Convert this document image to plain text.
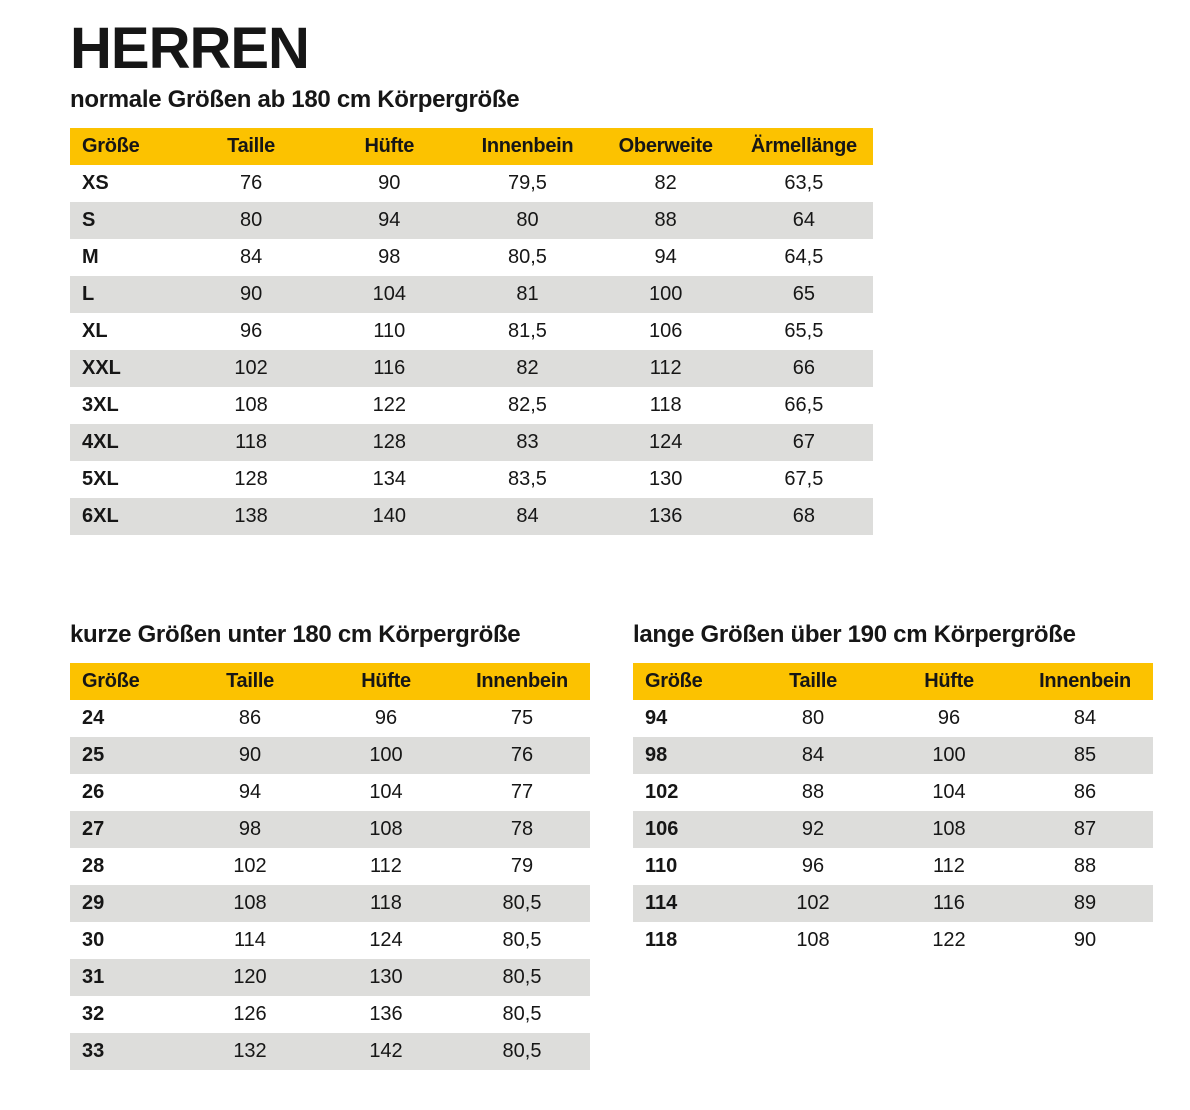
HERREN

normale Größen ab 180 cm Körpergröße

Größe	Taille	Hüfte	Innenbein	Oberweite	Ärmellänge
XS	76	90	79,5	82	63,5
S	80	94	80	88	64
M	84	98	80,5	94	64,5
L	90	104	81	100	65
XL	96	110	81,5	106	65,5
XXL	102	116	82	112	66
3XL	108	122	82,5	118	66,5
4XL	118	128	83	124	67
5XL	128	134	83,5	130	67,5
6XL	138	140	84	136	68
kurze Größen unter 180 cm Körpergröße
Größe	Taille	Hüfte	Innenbein
24	86	96	75
25	90	100	76
26	94	104	77
27	98	108	78
28	102	112	79
29	108	118	80,5
30	114	124	80,5
31	120	130	80,5
32	126	136	80,5
33	132	142	80,5
lange Größen über 190 cm Körpergröße
Größe	Taille	Hüfte	Innenbein
94	80	96	84
98	84	100	85
102	88	104	86
106	92	108	87
110	96	112	88
114	102	116	89
118	108	122	90
